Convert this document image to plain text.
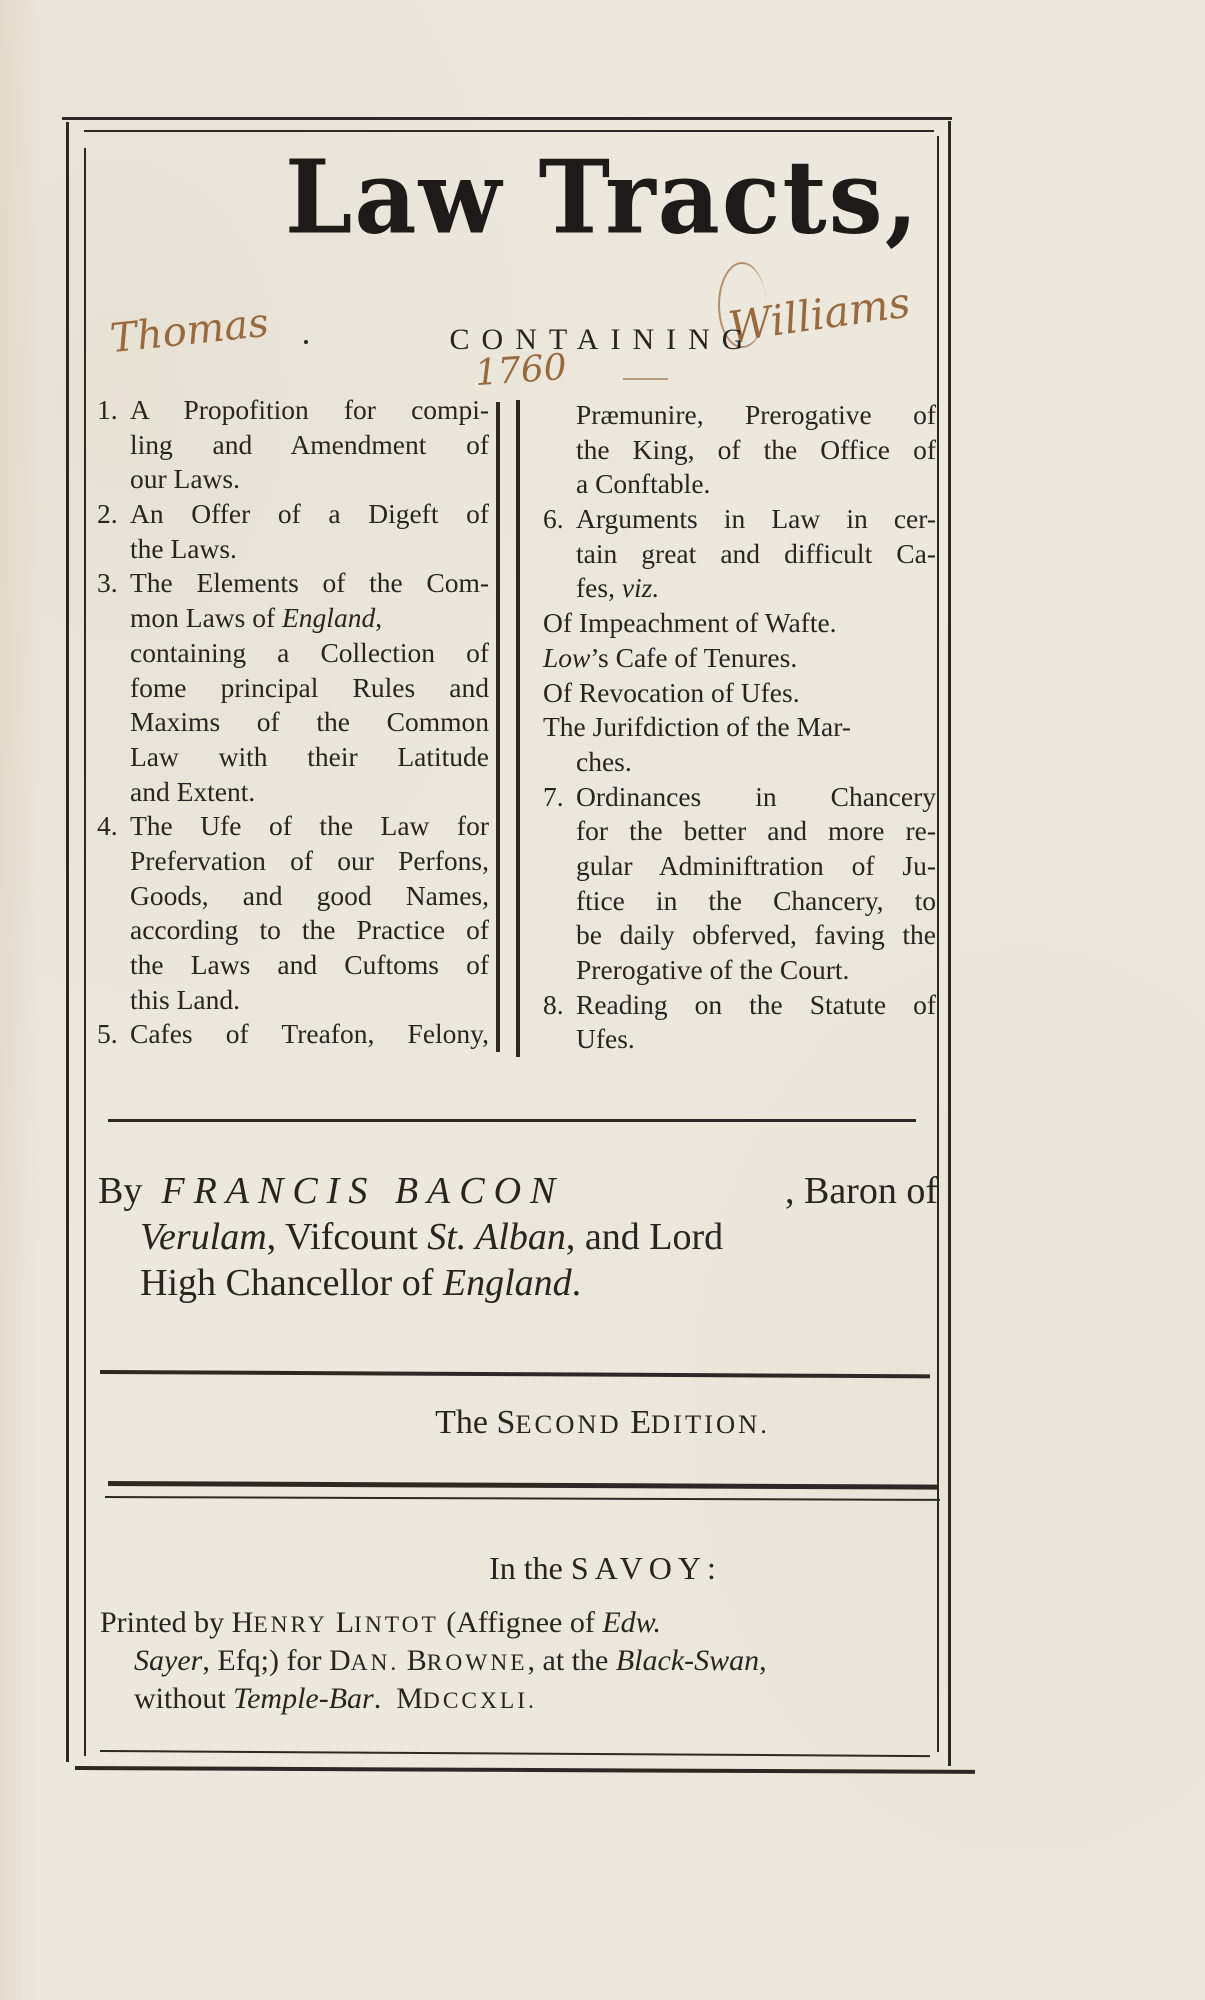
Law Tracts,
Thomas	Williams
1760
CONTAINING
1. A Propofition for compi-
ling and Amendment of
our Laws.
2. An Offer of a Digeft of
the Laws.
3. The Elements of the Com-
mon Laws of England ,
containing a Collection of
fome principal Rules and
Maxims of the Common
Law with their Latitude
and Extent.
4. The Ufe of the Law for
Prefervation of our Perfons,
Goods, and good Names,
according to the Practice of
the Laws and Cuftoms of
this Land.
5. Cafes of Treafon, Felony,
Præmunire, Prerogative of
the King, of the Office of
a Conftable.
6. Arguments in Law in cer-
tain great and difficult Ca-
fes, viz.
Of Impeachment of Wafte.
Low ’s Cafe of Tenures.
Of Revocation of Ufes.
The Jurifdiction of the Mar-
ches.
7. Ordinances in Chancery
for the better and more re-
gular Adminiftration of Ju-
ftice in the Chancery, to
be daily obferved, faving the
Prerogative of the Court.
8. Reading on the Statute of
Ufes.
By FRANCIS BACON	, Baron of
Verulam, Vifcount St. Alban, and Lord
High Chancellor of England.
The SECOND EDITION.
In the SAVOY:
Printed by HENRY LINTOT (Affignee of Edw.
Sayer, Efq;) for DAN. BROWNE, at the Black-Swan,
without Temple-Bar.  MDCCXLI.
